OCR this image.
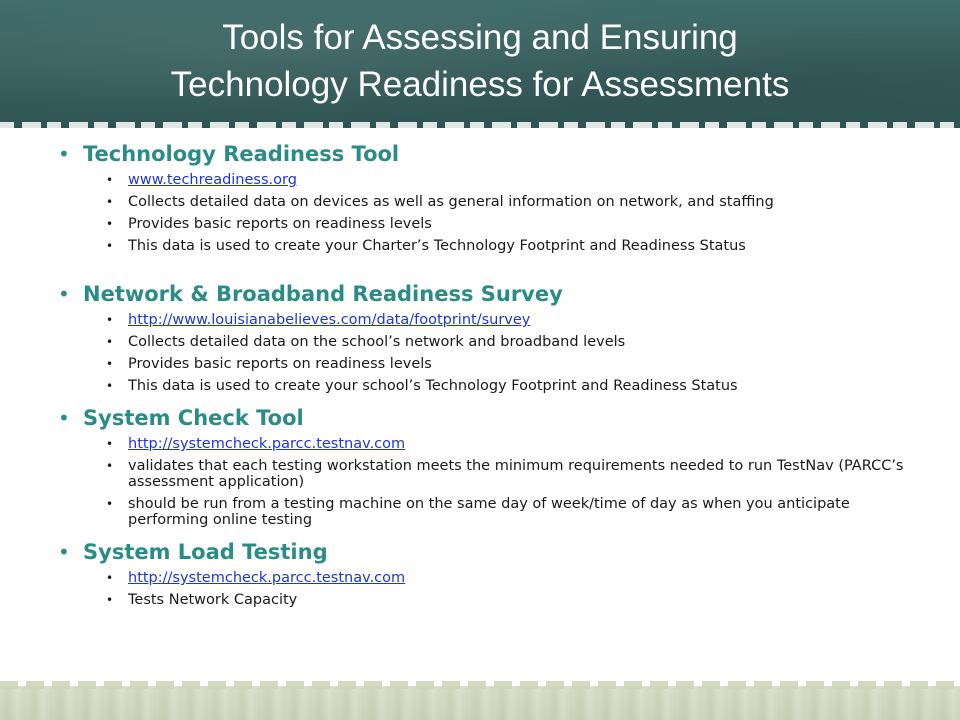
Tools for Assessing and Ensuring
Technology Readiness for Assessments
• Technology Readiness Tool
• www.techreadiness.org
• Collects detailed data on devices as well as general information on network, and staffing
• Provides basic reports on readiness levels
• This data is used to create your Charter’s Technology Footprint and Readiness Status
• Network & Broadband Readiness Survey
• http://www.louisianabelieves.com/data/footprint/survey
• Collects detailed data on the school’s network and broadband levels
• Provides basic reports on readiness levels
• This data is used to create your school’s Technology Footprint and Readiness Status
• System Check Tool
• http://systemcheck.parcc.testnav.com
• validates that each testing workstation meets the minimum requirements needed to run TestNav (PARCC’s assessment application)
• should be run from a testing machine on the same day of week/time of day as when you anticipate performing online testing
• System Load Testing
• http://systemcheck.parcc.testnav.com
• Tests Network Capacity
